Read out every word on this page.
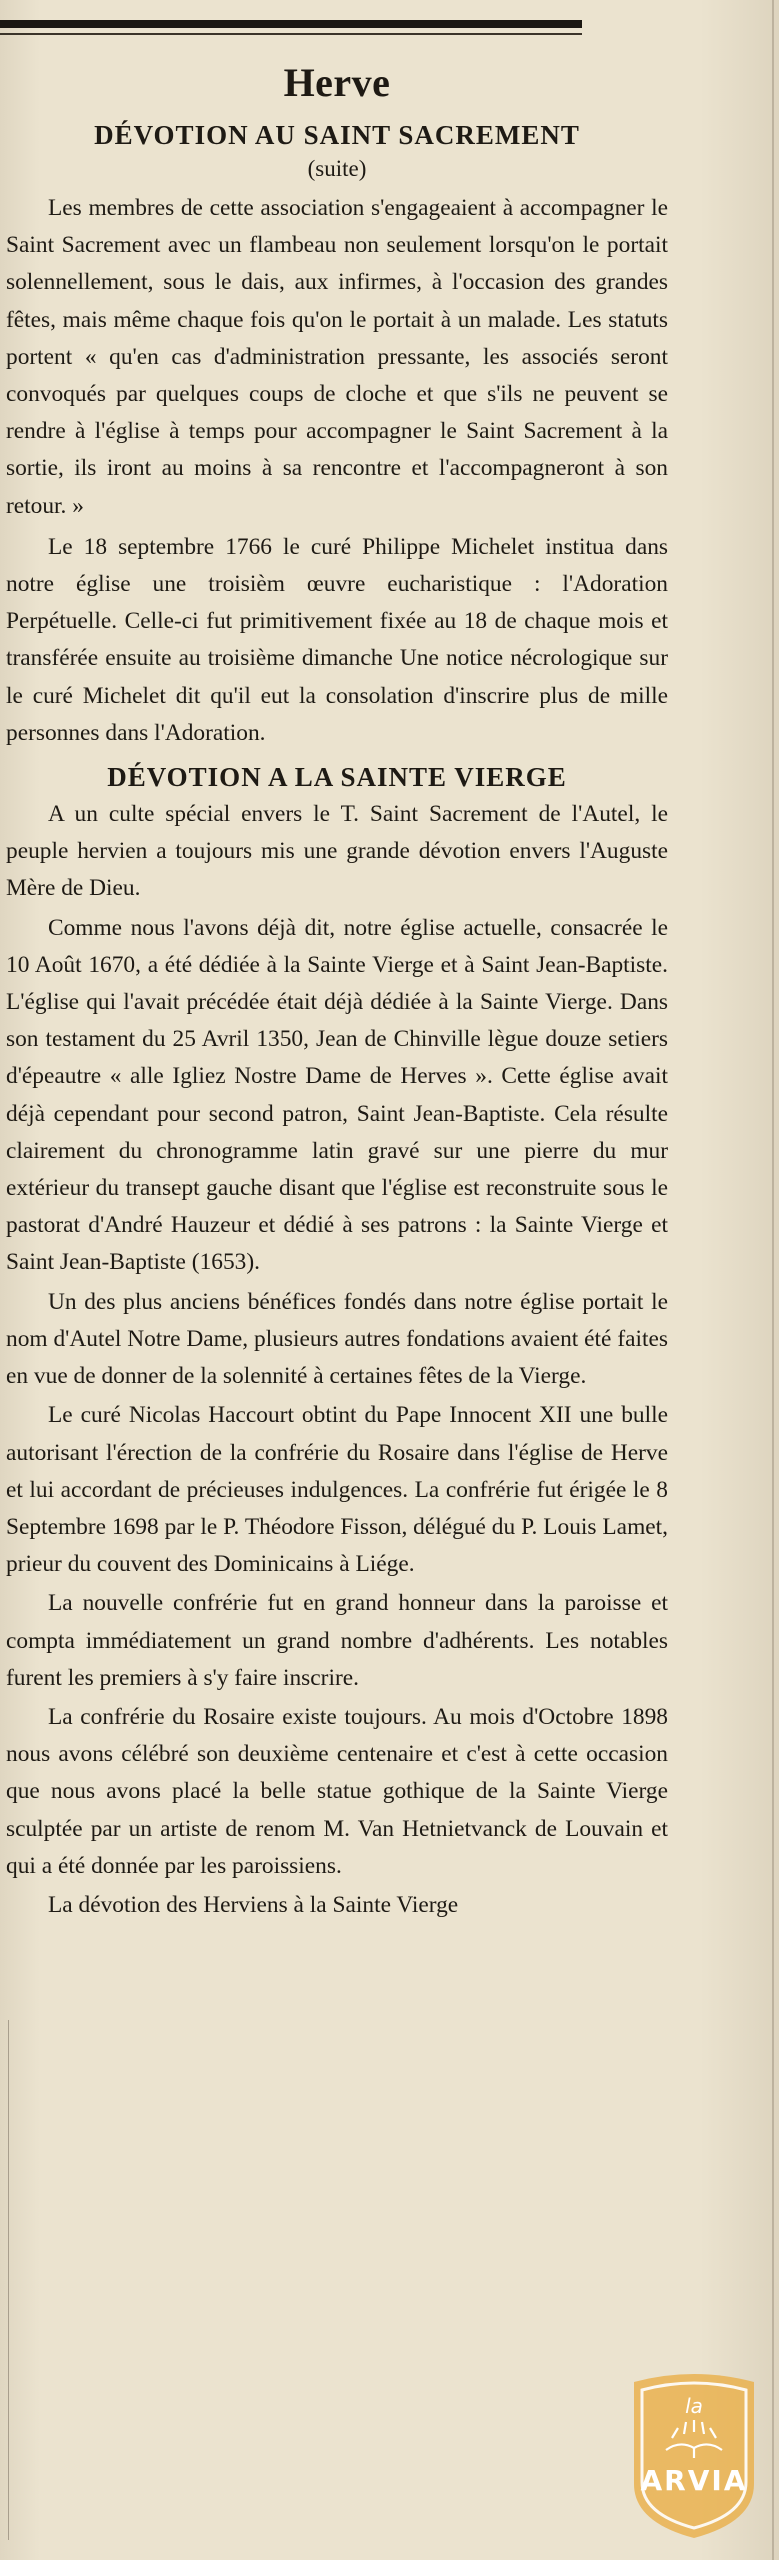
Herve
DÉVOTION AU SAINT SACREMENT
(suite)

Les membres de cette association s'engageaient à accompagner le Saint Sacrement avec un flambeau non seulement lorsqu'on le portait solennellement, sous le dais, aux infirmes, à l'occasion des grandes fêtes, mais même chaque fois qu'on le portait à un malade. Les statuts portent « qu'en cas d'administration pressante, les associés seront convoqués par quelques coups de cloche et que s'ils ne peuvent se rendre à l'église à temps pour accompagner le Saint Sacrement à la sortie, ils iront au moins à sa rencontre et l'accompagneront à son retour. »

Le 18 septembre 1766 le curé Philippe Michelet institua dans notre église une troisièm œuvre eucharistique : l'Adoration Perpétuelle. Celle-ci fut primitivement fixée au 18 de chaque mois et transférée ensuite au troisième dimanche Une notice nécrologique sur le curé Michelet dit qu'il eut la consolation d'inscrire plus de mille personnes dans l'Adoration.

DÉVOTION A LA SAINTE VIERGE

A un culte spécial envers le T. Saint Sacrement de l'Autel, le peuple hervien a toujours mis une grande dévotion envers l'Auguste Mère de Dieu.

Comme nous l'avons déjà dit, notre église actuelle, consacrée le 10 Août 1670, a été dédiée à la Sainte Vierge et à Saint Jean-Baptiste. L'église qui l'avait précédée était déjà dédiée à la Sainte Vierge. Dans son testament du 25 Avril 1350, Jean de Chinville lègue douze setiers d'épeautre « alle Igliez Nostre Dame de Herves ». Cette église avait déjà cependant pour second patron, Saint Jean-Baptiste. Cela résulte clairement du chronogramme latin gravé sur une pierre du mur extérieur du transept gauche disant que l'église est reconstruite sous le pastorat d'André Hauzeur et dédié à ses patrons : la Sainte Vierge et Saint Jean-Baptiste (1653).

Un des plus anciens bénéfices fondés dans notre église portait le nom d'Autel Notre Dame, plusieurs autres fondations avaient été faites en vue de donner de la solennité à certaines fêtes de la Vierge.

Le curé Nicolas Haccourt obtint du Pape Innocent XII une bulle autorisant l'érection de la confrérie du Rosaire dans l'église de Herve et lui accordant de précieuses indulgences. La confrérie fut érigée le 8 Septembre 1698 par le P. Théodore Fisson, délégué du P. Louis Lamet, prieur du couvent des Dominicains à Liége.

La nouvelle confrérie fut en grand honneur dans la paroisse et compta immédiatement un grand nombre d'adhérents. Les notables furent les premiers à s'y faire inscrire.

La confrérie du Rosaire existe toujours. Au mois d'Octobre 1898 nous avons célébré son deuxième centenaire et c'est à cette occasion que nous avons placé la belle statue gothique de la Sainte Vierge sculptée par un artiste de renom M. Van Hetnietvanck de Louvain et qui a été donnée par les paroissiens.

La dévotion des Herviens à la Sainte Vierge

la
ARVIA
